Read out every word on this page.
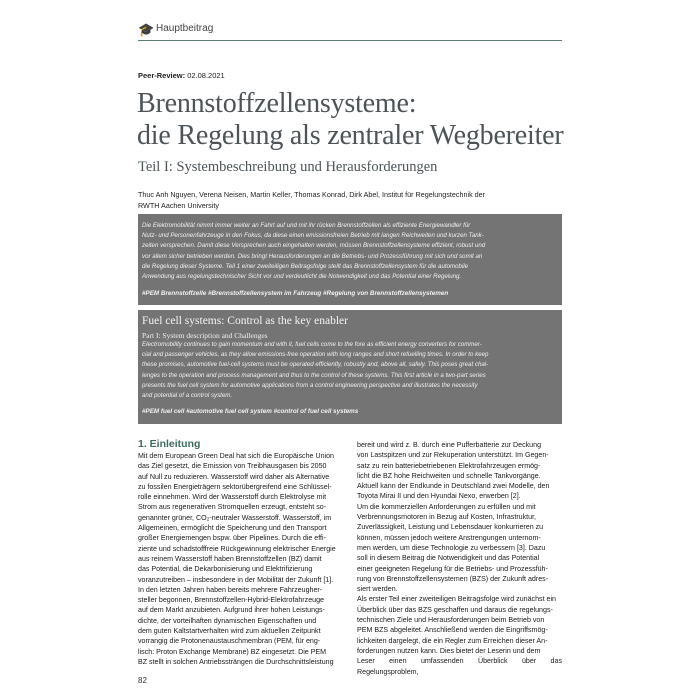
🎓 Hauptbeitrag
Peer-Review: 02.08.2021
Brennstoffzellensysteme:
die Regelung als zentraler Wegbereiter
Teil I: Systembeschreibung und Herausforderungen
Thuc Anh Nguyen, Verena Neisen, Martin Keller, Thomas Konrad, Dirk Abel, Institut für Regelungstechnik der
RWTH Aachen University
Die Elektromobilität nimmt immer weiter an Fahrt auf und mit ihr rücken Brennstoffzellen als effiziente Energiewandler für
Nutz- und Personenfahrzeuge in den Fokus, da diese einen emissionsfreien Betrieb mit langen Reichweiten und kurzen Tank-
zeiten versprechen. Damit diese Versprechen auch eingehalten werden, müssen Brennstoffzellensysteme effizient, robust und
vor allem sicher betrieben werden. Dies bringt Herausforderungen an die Betriebs- und Prozessführung mit sich und somit an
die Regelung dieser Systeme. Teil 1 einer zweiteiligen Beitragsfolge stellt das Brennstoffzellensystem für die automobile
Anwendung aus regelungstechnischer Sicht vor und verdeutlicht die Notwendigkeit und das Potential einer Regelung.
#PEM Brennstoffzelle #Brennstoffzellensystem im Fahrzeug #Regelung von Brennstoffzellensystemen
Fuel cell systems: Control as the key enabler
Part I: System description and Challenges
Electromobility continues to gain momentum and with it, fuel cells come to the fore as efficient energy converters for commer-
cial and passenger vehicles, as they allow emissions-free operation with long ranges and short refuelling times. In order to keep
these promises, automotive fuel-cell systems must be operated efficiently, robustly and, above all, safely. This poses great chal-
lenges to the operation and process management and thus to the control of these systems. This first article in a two-part series
presents the fuel cell system for automotive applications from a control engineering perspective and illustrates the necessity
and potential of a control system.
#PEM fuel cell #automotive fuel cell system #control of fuel cell systems
1. Einleitung
Mit dem European Green Deal hat sich die Europäische Union
das Ziel gesetzt, die Emission von Treibhausgasen bis 2050
auf Null zu reduzieren. Wasserstoff wird daher als Alternative
zu fossilen Energieträgern sektorübergreifend eine Schlüssel-
rolle einnehmen. Wird der Wasserstoff durch Elektrolyse mit
Strom aus regenerativen Stromquellen erzeugt, entsteht so-
genannter grüner, CO₂-neutraler Wasserstoff. Wasserstoff, im
Allgemeinen, ermöglicht die Speicherung und den Transport
großer Energiemengen bspw. über Pipelines. Durch die effi-
ziente und schadstofffreie Rückgewinnung elektrischer Energie
aus reinem Wasserstoff haben Brennstoffzellen (BZ) damit
das Potential, die Dekarbonisierung und Elektrifizierung
voranzutreiben – insbesondere in der Mobilität der Zukunft [1].
In den letzten Jahren haben bereits mehrere Fahrzeugher-
steller begonnen, Brennstoffzellen-Hybrid-Elektrofahrzeuge
auf dem Markt anzubieten. Aufgrund ihrer hohen Leistungs-
dichte, der vorteilhaften dynamischen Eigenschaften und
dem guten Kaltstartverhalten wird zum aktuellen Zeitpunkt
vorrangig die Protonenaustauschmembran (PEM, für eng-
lisch: Proton Exchange Membrane) BZ eingesetzt. Die PEM
BZ stellt in solchen Antriebssträngen die Durchschnittsleistung
bereit und wird z. B. durch eine Pufferbatterie zur Deckung
von Lastspitzen und zur Rekuperation unterstützt. Im Gegen-
satz zu rein batteriebetriebenen Elektrofahrzeugen ermög-
licht die BZ hohe Reichweiten und schnelle Tankvorgänge.
Aktuell kann der Endkunde in Deutschland zwei Modelle, den
Toyota Mirai II und den Hyundai Nexo, erwerben [2].
Um die kommerziellen Anforderungen zu erfüllen und mit
Verbrennungsmotoren in Bezug auf Kosten, Infrastruktur,
Zuverlässigkeit, Leistung und Lebensdauer konkurrieren zu
können, müssen jedoch weitere Anstrengungen unternom-
men werden, um diese Technologie zu verbessern [3]. Dazu
soll in diesem Beitrag die Notwendigkeit und das Potential
einer geeigneten Regelung für die Betriebs- und Prozessfüh-
rung von Brennstoffzellensystemen (BZS) der Zukunft adres-
siert werden.
Als erster Teil einer zweiteiligen Beitragsfolge wird zunächst ein
Überblick über das BZS geschaffen und daraus die regelungs-
technischen Ziele und Herausforderungen beim Betrieb von
PEM BZS abgeleitet. Anschließend werden die Eingriffsmög-
lichkeiten dargelegt, die ein Regler zum Erreichen dieser An-
forderungen nutzen kann. Dies bietet der Leserin und dem
Leser einen umfassenden Überblick über das Regelungsproblem,
82
